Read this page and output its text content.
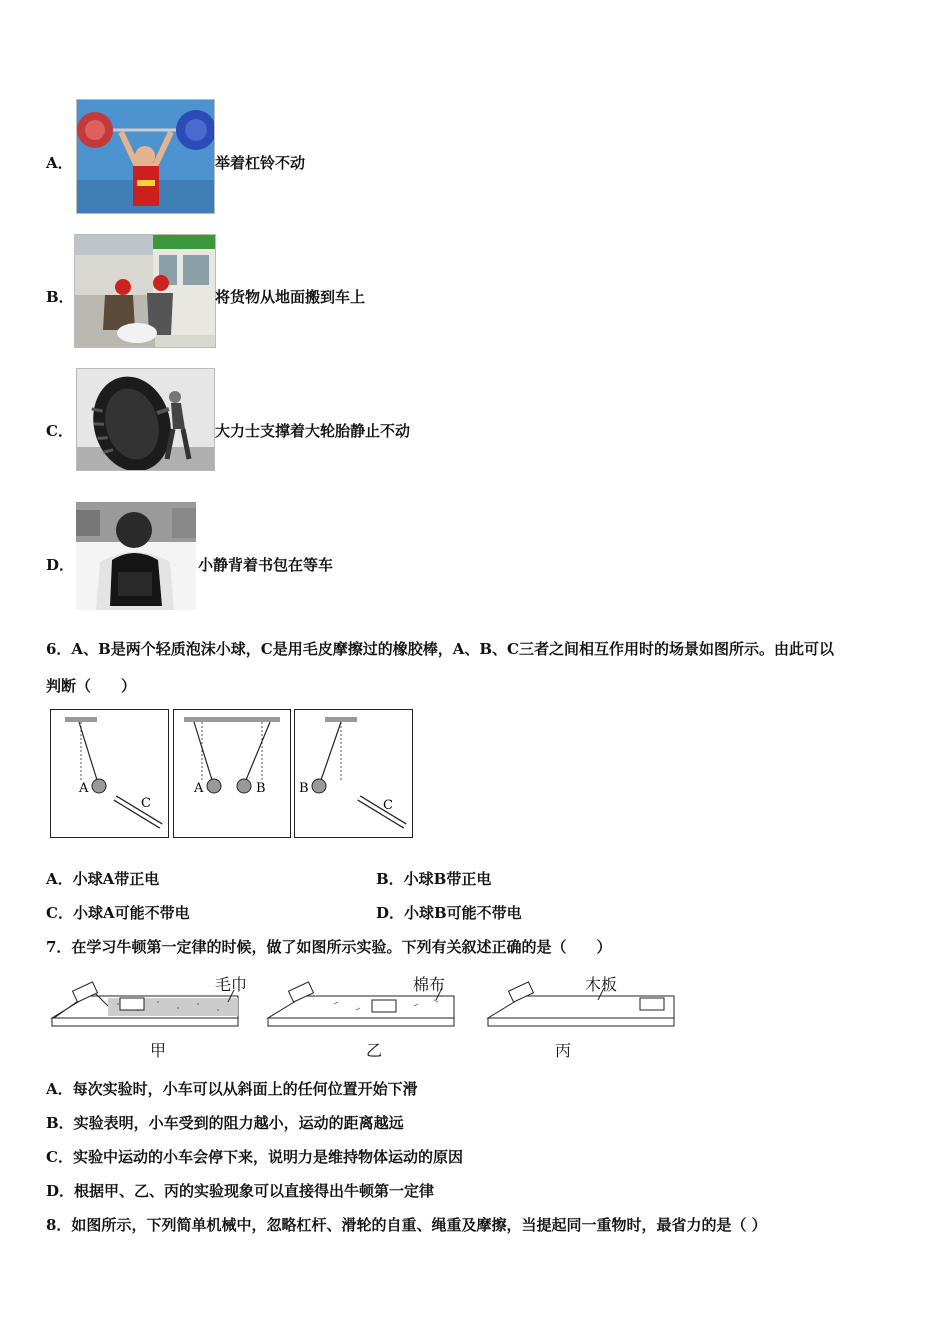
A．	举着杠铃不动
B．	将货物从地面搬到车上
C．	大力士支撑着大轮胎静止不动
D．	小静背着书包在等车
6．A、B是两个轻质泡沫小球，C是用毛皮摩擦过的橡胶棒，A、B、C三者之间相互作用时的场景如图所示。由此可以
判断（　　）
A
C
A	B	B
C
A．小球A带正电	B．小球B带正电
C．小球A可能不带电	D．小球B可能不带电
7．在学习牛顿第一定律的时候，做了如图所示实验。下列有关叙述正确的是（　　）
毛巾	棉布	木板
甲	乙	丙
A．每次实验时，小车可以从斜面上的任何位置开始下滑
B．实验表明，小车受到的阻力越小，运动的距离越远
C．实验中运动的小车会停下来，说明力是维持物体运动的原因
D．根据甲、乙、丙的实验现象可以直接得出牛顿第一定律
8．如图所示，下列简单机械中，忽略杠杆、滑轮的自重、绳重及摩擦，当提起同一重物时，最省力的是（ ）
